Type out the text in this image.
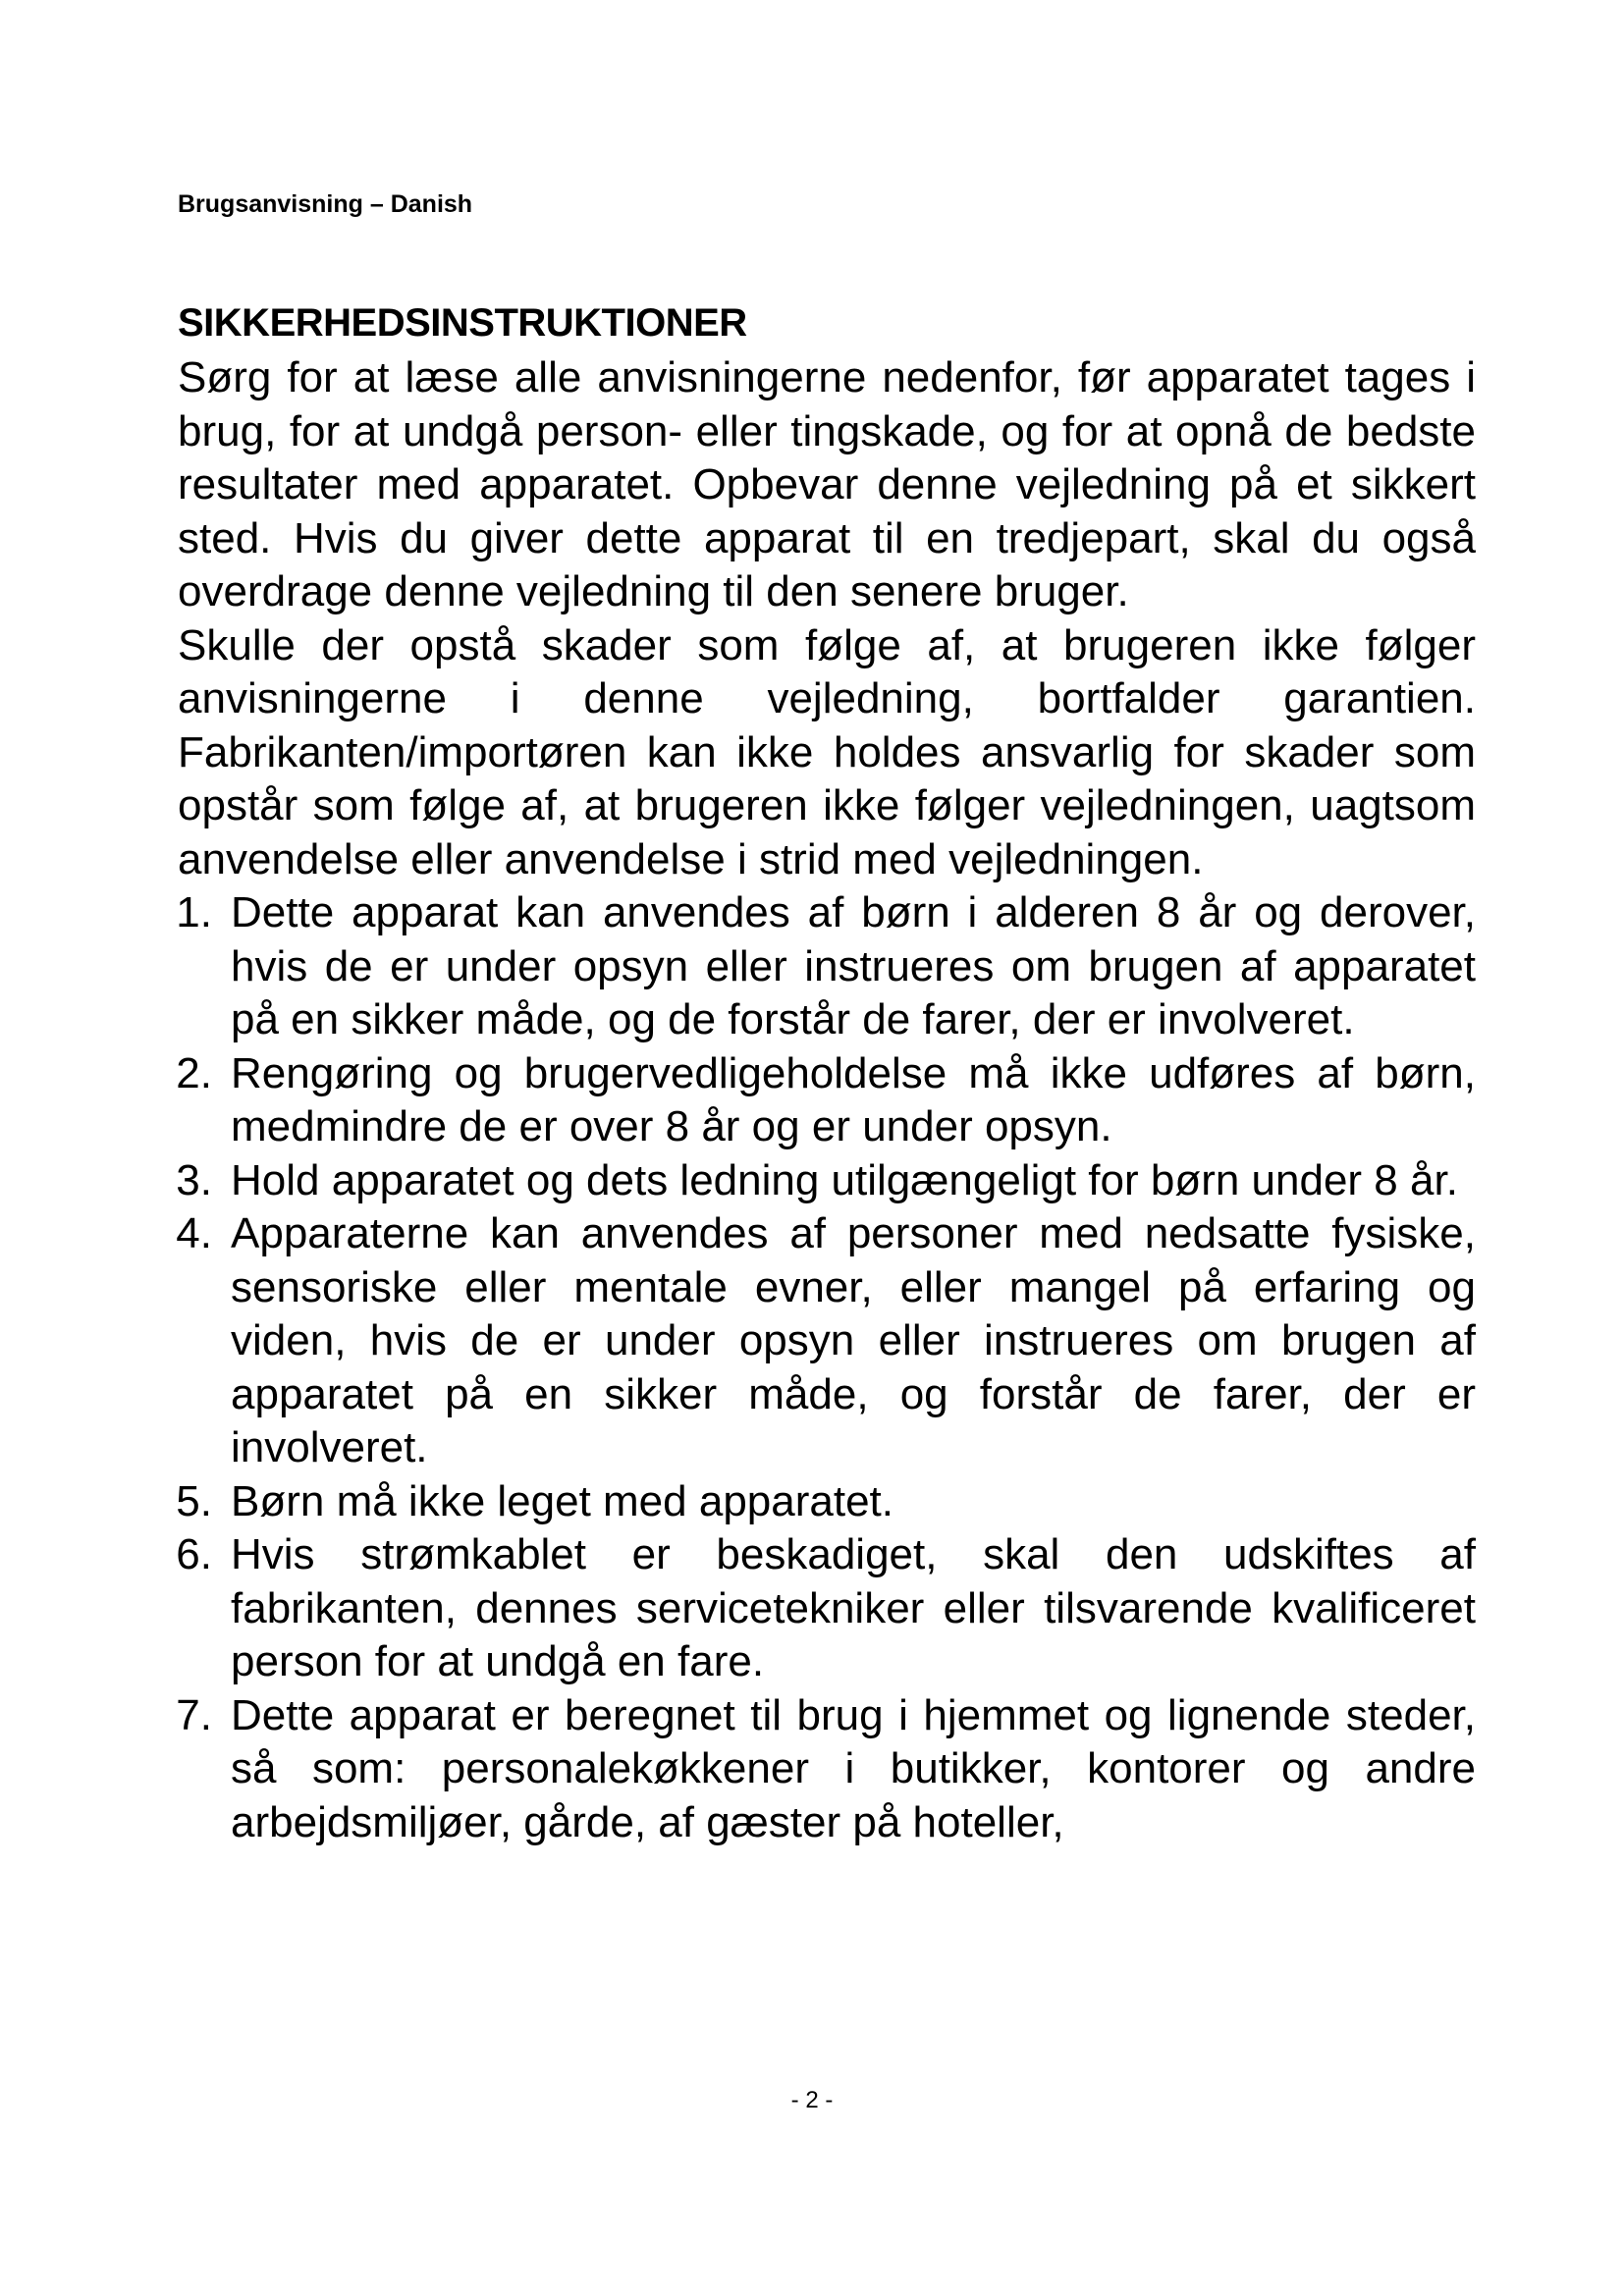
Brugsanvisning – Danish
SIKKERHEDSINSTRUKTIONER

Sørg for at læse alle anvisningerne nedenfor, før apparatet tages i brug, for at undgå person- eller tingskade, og for at opnå de bedste resultater med apparatet. Opbevar denne vejledning på et sikkert sted. Hvis du giver dette apparat til en tredjepart, skal du også overdrage denne vejledning til den senere bruger.

Skulle der opstå skader som følge af, at brugeren ikke følger anvisningerne i denne vejledning, bortfalder garantien. Fabrikanten/importøren kan ikke holdes ansvarlig for skader som opstår som følge af, at brugeren ikke følger vejledningen, uagtsom anvendelse eller anvendelse i strid med vejledningen.

1. Dette apparat kan anvendes af børn i alderen 8 år og derover, hvis de er under opsyn eller instrueres om brugen af apparatet på en sikker måde, og de forstår de farer, der er involveret.
2. Rengøring og brugervedligeholdelse må ikke udføres af børn, medmindre de er over 8 år og er under opsyn.
3. Hold apparatet og dets ledning utilgængeligt for børn under 8 år.
4. Apparaterne kan anvendes af personer med nedsatte fysiske, sensoriske eller mentale evner, eller mangel på erfaring og viden, hvis de er under opsyn eller instrueres om brugen af apparatet på en sikker måde, og forstår de farer, der er involveret.
5. Børn må ikke leget med apparatet.
6. Hvis strømkablet er beskadiget, skal den udskiftes af fabrikanten, dennes servicetekniker eller tilsvarende kvalificeret person for at undgå en fare.
7. Dette apparat er beregnet til brug i hjemmet og lignende steder, så som: personalekøkkener i butikker, kontorer og andre arbejdsmiljøer, gårde, af gæster på hoteller,
- 2 -
